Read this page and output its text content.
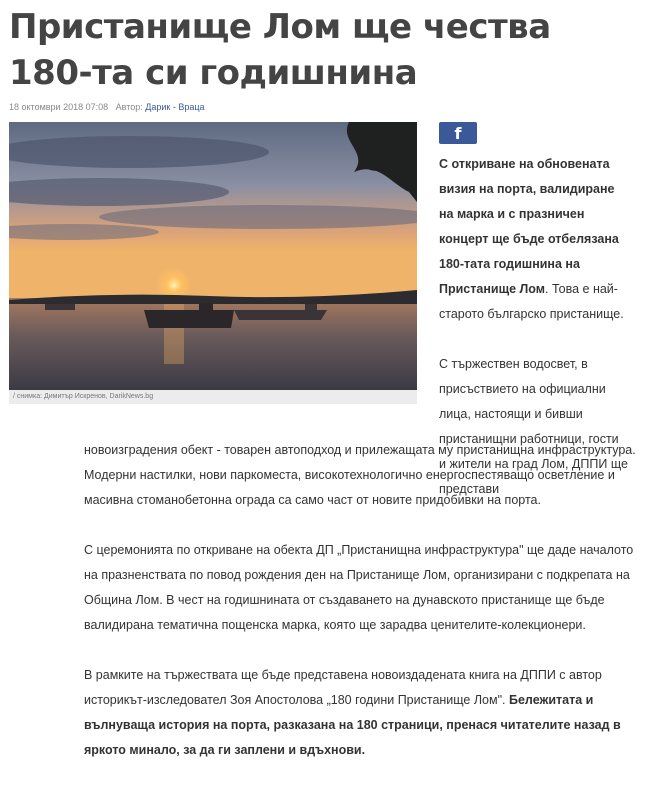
Пристанище Лом ще чества 180-та си годишнина
18 октомври 2018 07:08 Автор: Дарик - Враца
/ снимка: Димитър Искренов, DarikNews.bg
f

С откриване на обновената визия на порта, валидиране на марка и с празничен концерт ще бъде отбелязана 180-тата годишнина на Пристанище Лом. Това е най-старото българско пристанище.

С тържествен водосвет, в присъствието на официални лица, настоящи и бивши пристанищни работници, гости и жители на град Лом, ДППИ ще представи

новоизградения обект - товарен автоподход и прилежащата му пристанищна инфраструктура. Модерни настилки, нови паркоместа, високотехнологично енергоспестяващо осветление и масивна стоманобетонна ограда са само част от новите придобивки на порта.

С церемонията по откриване на обекта ДП „Пристанищна инфраструктура" ще даде началото на празненствата по повод рождения ден на Пристанище Лом, организирани с подкрепата на Община Лом. В чест на годишнината от създаването на дунавското пристанище ще бъде валидирана тематична пощенска марка, която ще зарадва ценителите-колекционери.

В рамките на тържествата ще бъде представена новоиздадената книга на ДППИ с автор историкът-изследовател Зоя Апостолова „180 години Пристанище Лом". Бележитата и вълнуваща история на порта, разказана на 180 страници, пренася читателите назад в яркото минало, за да ги заплени и вдъхнови.
